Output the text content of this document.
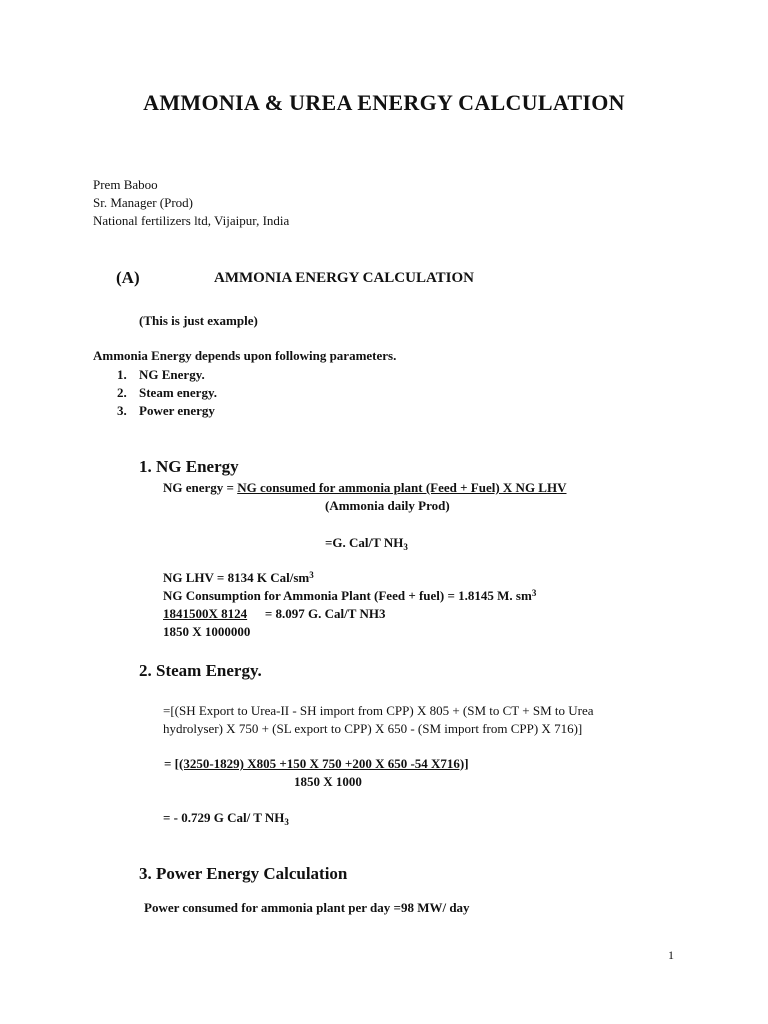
AMMONIA & UREA ENERGY CALCULATION
Prem Baboo
Sr. Manager (Prod)
National fertilizers ltd, Vijaipur, India
(A)	AMMONIA ENERGY CALCULATION
(This is just example)
Ammonia Energy depends upon following parameters.
1. NG Energy.
2. Steam energy.
3. Power energy
1. NG Energy
NG energy = NG consumed for ammonia plant (Feed + Fuel) X NG LHV
(Ammonia daily Prod)
=G. Cal/T $NH_3$
NG LHV = 8134 K Cal/$sm^3$
NG Consumption for Ammonia Plant (Feed + fuel) = 1.8145 M. $sm^3$
1841500X 8124 = 8.097 G. Cal/T NH3
1850 X 1000000
2. Steam Energy.
=[(SH Export to Urea-II - SH import from CPP) X 805 + (SM to CT + SM to Urea
hydrolyser) X 750 + (SL export to CPP) X 650 - (SM import from CPP) X 716)]
= [(3250-1829) X805 +150 X 750 +200 X 650 -54 X716)]
1850 X 1000
= - 0.729 G Cal/ T $NH_3$
3. Power Energy Calculation
Power consumed for ammonia plant per day =98 MW/ day
1
